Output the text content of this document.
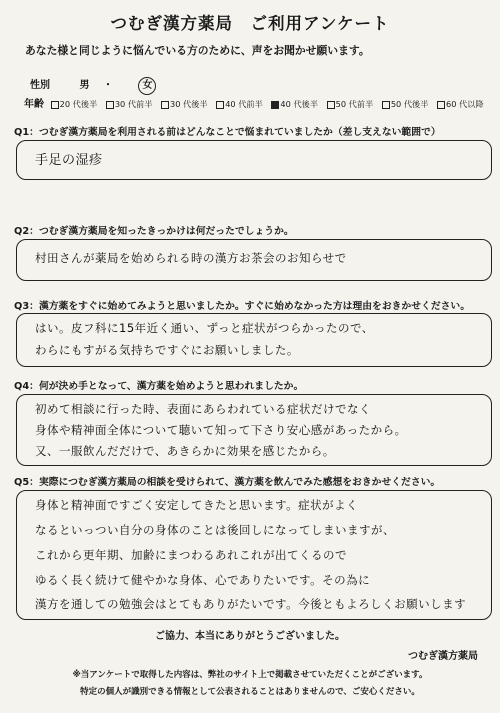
つむぎ漢方薬局　ご利用アンケート
あなた様と同じように悩んでいる方のために、声をお聞かせ願います。
性別	男 ・	女
年齢 20 代後半 30 代前半 30 代後半 40 代前半 40 代後半 50 代前半 50 代後半 60 代以降
Q1：つむぎ漢方薬局を利用される前はどんなことで悩まれていましたか（差し支えない範囲で）
手足の湿疹
Q2：つむぎ漢方薬局を知ったきっかけは何だったでしょうか。
村田さんが薬局を始められる時の漢方お茶会のお知らせで
Q3：漢方薬をすぐに始めてみようと思いましたか。すぐに始めなかった方は理由をおきかせください。
はい。皮フ科に15年近く通い、ずっと症状がつらかったので、
わらにもすがる気持ちですぐにお願いしました。
Q4：何が決め手となって、漢方薬を始めようと思われましたか。
初めて相談に行った時、表面にあらわれている症状だけでなく
身体や精神面全体について聴いて知って下さり安心感があったから。
又、一服飲んだだけで、あきらかに効果を感じたから。
Q5：実際につむぎ漢方薬局の相談を受けられて、漢方薬を飲んでみた感想をおきかせください。
身体と精神面ですごく安定してきたと思います。症状がよく
なるといっつい自分の身体のことは後回しになってしまいますが、
これから更年期、加齢にまつわるあれこれが出てくるので
ゆるく長く続けて健やかな身体、心でありたいです。その為に
漢方を通しての勉強会はとてもありがたいです。今後ともよろしくお願いします
ご協力、本当にありがとうございました。
つむぎ漢方薬局
※当アンケートで取得した内容は、弊社のサイト上で掲載させていただくことがございます。
特定の個人が識別できる情報として公表されることはありませんので、ご安心ください。
